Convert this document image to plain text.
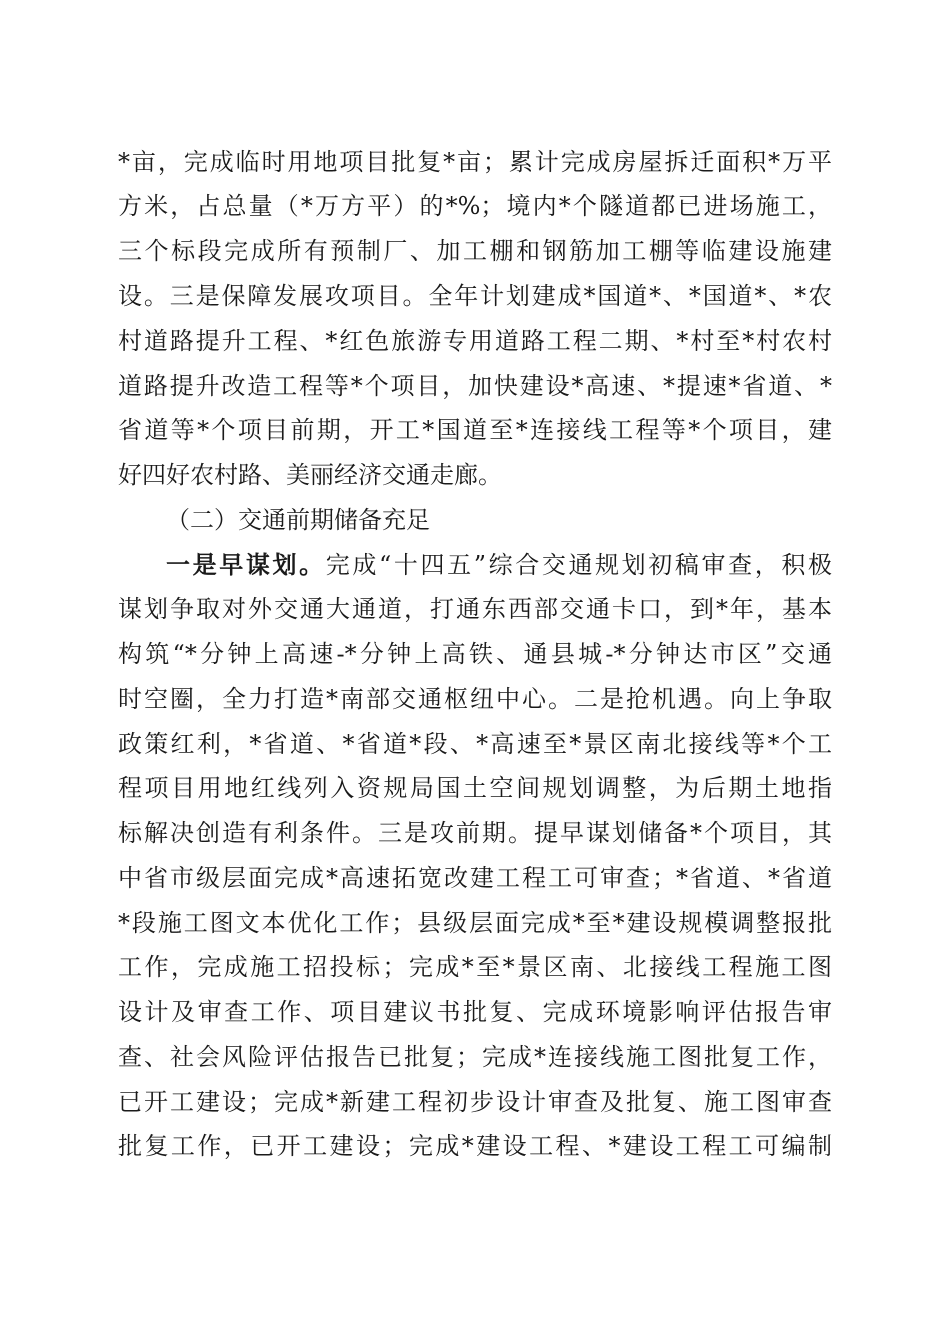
*亩，完成临时用地项目批复*亩；累计完成房屋拆迁面积*万平
方米，占总量（*万方平）的*%；境内*个隧道都已进场施工，
三个标段完成所有预制厂、加工棚和钢筋加工棚等临建设施建
设。三是保障发展攻项目。全年计划建成*国道*、*国道*、*农
村道路提升工程、*红色旅游专用道路工程二期、*村至*村农村
道路提升改造工程等*个项目，加快建设*高速、*提速*省道、*
省道等*个项目前期，开工*国道至*连接线工程等*个项目，建
好四好农村路、美丽经济交通走廊。
（二）交通前期储备充足
一是早谋划。完成“十四五”综合交通规划初稿审查，积极
谋划争取对外交通大通道，打通东西部交通卡口，到*年，基本
构筑“*分钟上高速-*分钟上高铁、通县城-*分钟达市区”交通
时空圈，全力打造*南部交通枢纽中心。二是抢机遇。向上争取
政策红利，*省道、*省道*段、*高速至*景区南北接线等*个工
程项目用地红线列入资规局国土空间规划调整，为后期土地指
标解决创造有利条件。三是攻前期。提早谋划储备*个项目，其
中省市级层面完成*高速拓宽改建工程工可审查；*省道、*省道
*段施工图文本优化工作；县级层面完成*至*建设规模调整报批
工作，完成施工招投标；完成*至*景区南、北接线工程施工图
设计及审查工作、项目建议书批复、完成环境影响评估报告审
查、社会风险评估报告已批复；完成*连接线施工图批复工作，
已开工建设；完成*新建工程初步设计审查及批复、施工图审查
批复工作，已开工建设；完成*建设工程、*建设工程工可编制
